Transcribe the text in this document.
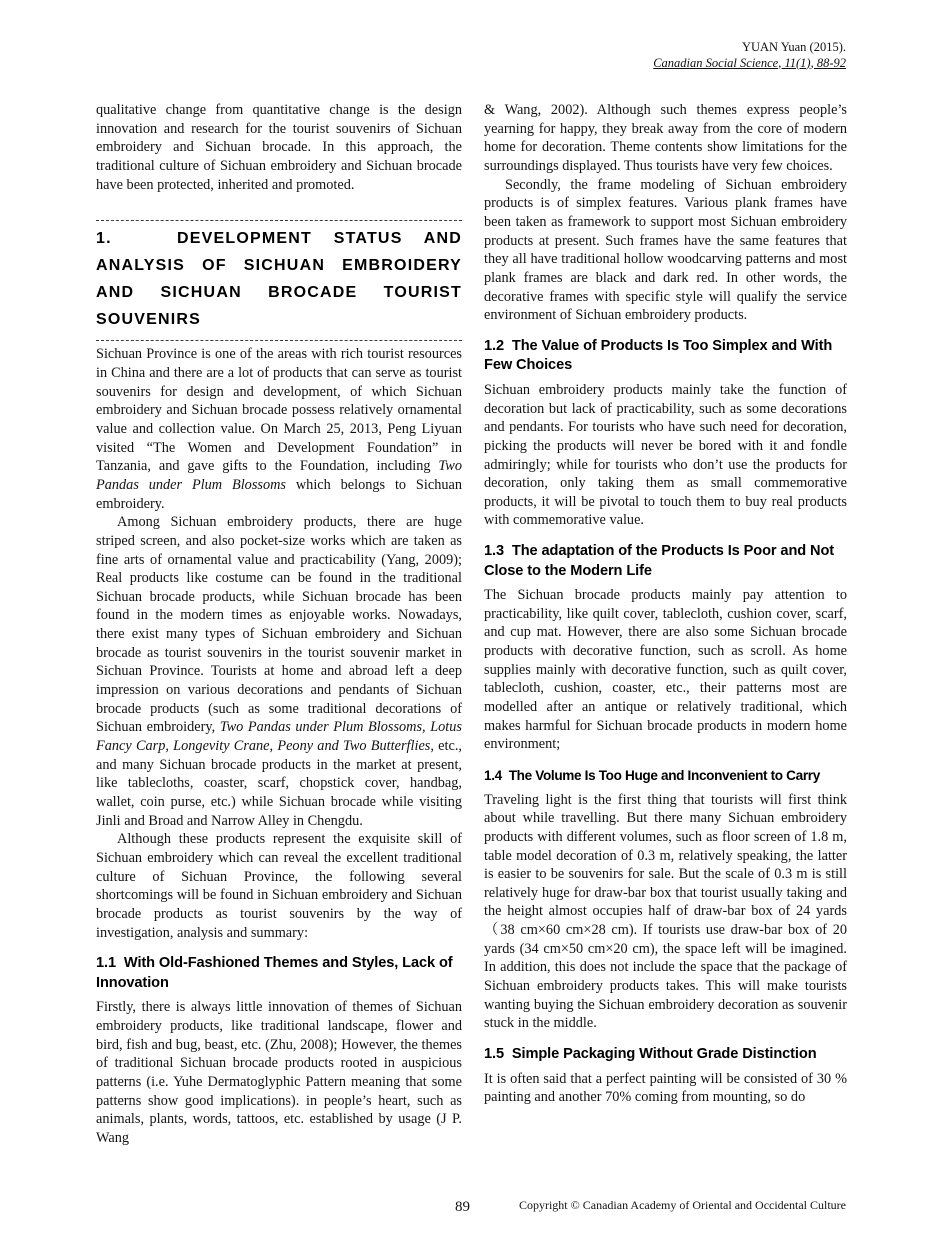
YUAN Yuan (2015).
Canadian Social Science, 11(1), 88-92

qualitative change from quantitative change is the design innovation and research for the tourist souvenirs of Sichuan embroidery and Sichuan brocade. In this approach, the traditional culture of Sichuan embroidery and Sichuan brocade have been protected, inherited and promoted.

1.   DEVELOPMENT STATUS AND ANALYSIS OF SICHUAN EMBROIDERY AND SICHUAN BROCADE TOURIST SOUVENIRS

Sichuan Province is one of the areas with rich tourist resources in China and there are a lot of products that can serve as tourist souvenirs for design and development, of which Sichuan embroidery and Sichuan brocade possess relatively ornamental value and collection value. On March 25, 2013, Peng Liyuan visited “The Women and Development Foundation” in Tanzania, and gave gifts to the Foundation, including Two Pandas under Plum Blossoms which belongs to Sichuan embroidery.

Among Sichuan embroidery products, there are huge striped screen, and also pocket-size works which are taken as fine arts of ornamental value and practicability (Yang, 2009); Real products like costume can be found in the traditional Sichuan brocade products, while Sichuan brocade has been found in the modern times as enjoyable works. Nowadays, there exist many types of Sichuan embroidery and Sichuan brocade as tourist souvenirs in the tourist souvenir market in Sichuan Province. Tourists at home and abroad left a deep impression on various decorations and pendants of Sichuan brocade products (such as some traditional decorations of Sichuan embroidery, Two Pandas under Plum Blossoms, Lotus Fancy Carp, Longevity Crane, Peony and Two Butterflies, etc., and many Sichuan brocade products in the market at present, like tablecloths, coaster, scarf, chopstick cover, handbag, wallet, coin purse, etc.) while Sichuan brocade while visiting Jinli and Broad and Narrow Alley in Chengdu.

Although these products represent the exquisite skill of Sichuan embroidery which can reveal the excellent traditional culture of Sichuan Province, the following several shortcomings will be found in Sichuan embroidery and Sichuan brocade products as tourist souvenirs by the way of investigation, analysis and summary:

1.1  With Old-Fashioned Themes and Styles, Lack of Innovation

Firstly, there is always little innovation of themes of Sichuan embroidery products, like traditional landscape, flower and bird, fish and bug, beast, etc. (Zhu, 2008); However, the themes of traditional Sichuan brocade products rooted in auspicious patterns (i.e. Yuhe Dermatoglyphic Pattern meaning that some patterns show good implications). in people’s heart, such as animals, plants, words, tattoos, etc. established by usage (J P. Wang

& Wang, 2002). Although such themes express people’s yearning for happy, they break away from the core of modern home for decoration. Theme contents show limitations for the surroundings displayed. Thus tourists have very few choices.

Secondly, the frame modeling of Sichuan embroidery products is of simplex features. Various plank frames have been taken as framework to support most Sichuan embroidery products at present. Such frames have the same features that they all have traditional hollow woodcarving patterns and most plank frames are black and dark red. In other words, the decorative frames with specific style will qualify the service environment of Sichuan embroidery products.

1.2  The Value of Products Is Too Simplex and With Few Choices

Sichuan embroidery products mainly take the function of decoration but lack of practicability, such as some decorations and pendants. For tourists who have such need for decoration, picking the products will never be bored with it and fondle admiringly; while for tourists who don’t use the products for decoration, only taking them as small commemorative products, it will be pivotal to touch them to buy real products with commemorative value.

1.3  The adaptation of the Products Is Poor and Not Close to the Modern Life

The Sichuan brocade products mainly pay attention to practicability, like quilt cover, tablecloth, cushion cover, scarf, and cup mat. However, there are also some Sichuan brocade products with decorative function, such as scroll. As home supplies mainly with decorative function, such as quilt cover, tablecloth, cushion, coaster, etc., their patterns most are modelled after an antique or relatively traditional, which makes harmful for Sichuan brocade products in modern home environment;

1.4  The Volume Is Too Huge and Inconvenient to Carry

Traveling light is the first thing that tourists will first think about while travelling. But there many Sichuan embroidery products with different volumes, such as floor screen of 1.8 m, table model decoration of 0.3 m, relatively speaking, the latter is easier to be souvenirs for sale. But the scale of 0.3 m is still relatively huge for draw-bar box that tourist usually taking and the height almost occupies half of draw-bar box of 24 yards（38 cm×60 cm×28 cm). If tourists use draw-bar box of 20 yards (34 cm×50 cm×20 cm), the space left will be imagined. In addition, this does not include the space that the package of Sichuan embroidery products takes. This will make tourists wanting buying the Sichuan embroidery decoration as souvenir stuck in the middle.

1.5  Simple Packaging Without Grade Distinction

It is often said that a perfect painting will be consisted of 30 % painting and another 70% coming from mounting, so do

89	Copyright © Canadian Academy of Oriental and Occidental Culture
